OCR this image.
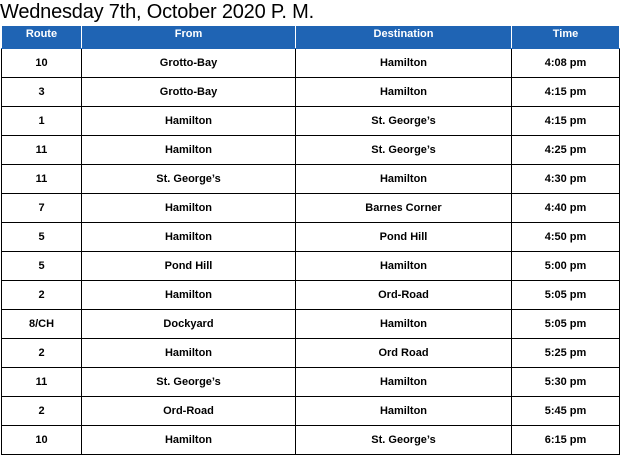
Wednesday 7th, October 2020 P. M.
Route	From	Destination	Time
10	Grotto-Bay	Hamilton	4:08 pm
3	Grotto-Bay	Hamilton	4:15 pm
1	Hamilton	St. George’s	4:15 pm
11	Hamilton	St. George’s	4:25 pm
11	St. George’s	Hamilton	4:30 pm
7	Hamilton	Barnes Corner	4:40 pm
5	Hamilton	Pond Hill	4:50 pm
5	Pond Hill	Hamilton	5:00 pm
2	Hamilton	Ord-Road	5:05 pm
8/CH	Dockyard	Hamilton	5:05 pm
2	Hamilton	Ord Road	5:25 pm
11	St. George’s	Hamilton	5:30 pm
2	Ord-Road	Hamilton	5:45 pm
10	Hamilton	St. George’s	6:15 pm
